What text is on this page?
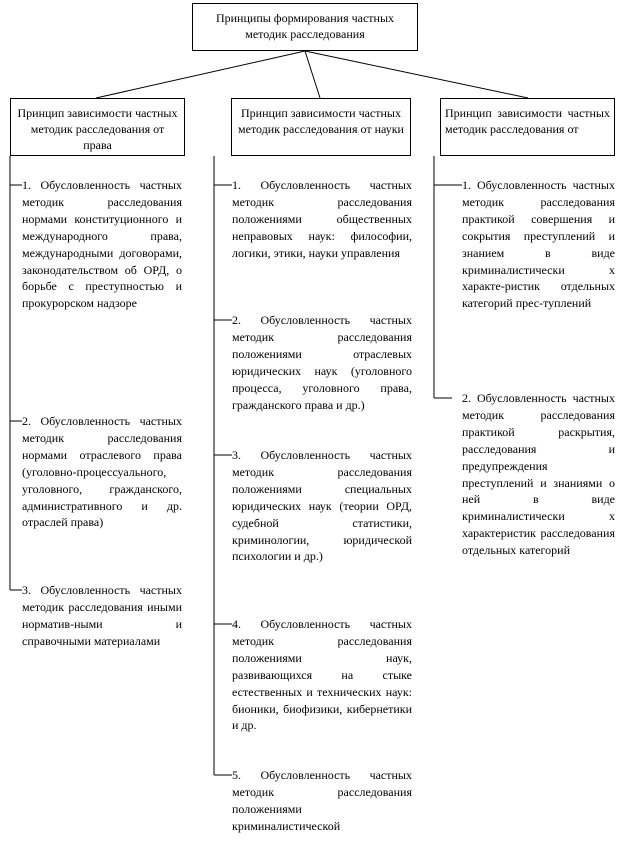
Принципы формирования частных методик расследования
Принцип зависимости частных методик расследования от права
Принцип зависимости частных методик расследования от науки
Принцип зависимости частных методик расследования от
1. Обусловленность частных методик расследования нормами конституционного и международного права, международными договорами, законодательством об ОРД, о борьбе с преступностью и прокурорском надзоре
2. Обусловленность частных методик расследования нормами отраслевого права (уголовно-процессуального, уголовного, гражданского, административного и др. отраслей права)
3. Обусловленность частных методик расследования иными норматив-ными и справочными материалами
1. Обусловленность частных методик расследования положениями общественных неправовых наук: философии, логики, этики, науки управления
2. Обусловленность частных методик расследования положениями отраслевых юридических наук (уголовного процесса, уголовного права, гражданского права и др.)
3. Обусловленность частных методик расследования положениями специальных юридических наук (теории ОРД, судебной статистики, криминологии, юридической психологии и др.)
4. Обусловленность частных методик расследования положениями наук, развивающихся на стыке естественных и технических наук: бионики, биофизики, кибернетики и др.
5. Обусловленность частных методик расследования положениями криминалистической
1. Обусловленность частных методик расследования практикой совершения и сокрытия преступлений и знанием в виде криминалистически х характе-ристик отдельных категорий прес-туплений
2. Обусловленность частных методик расследования практикой раскрытия, расследования и предупреждения преступлений и знаниями о ней в виде криминалистически х характеристик расследования отдельных категорий
